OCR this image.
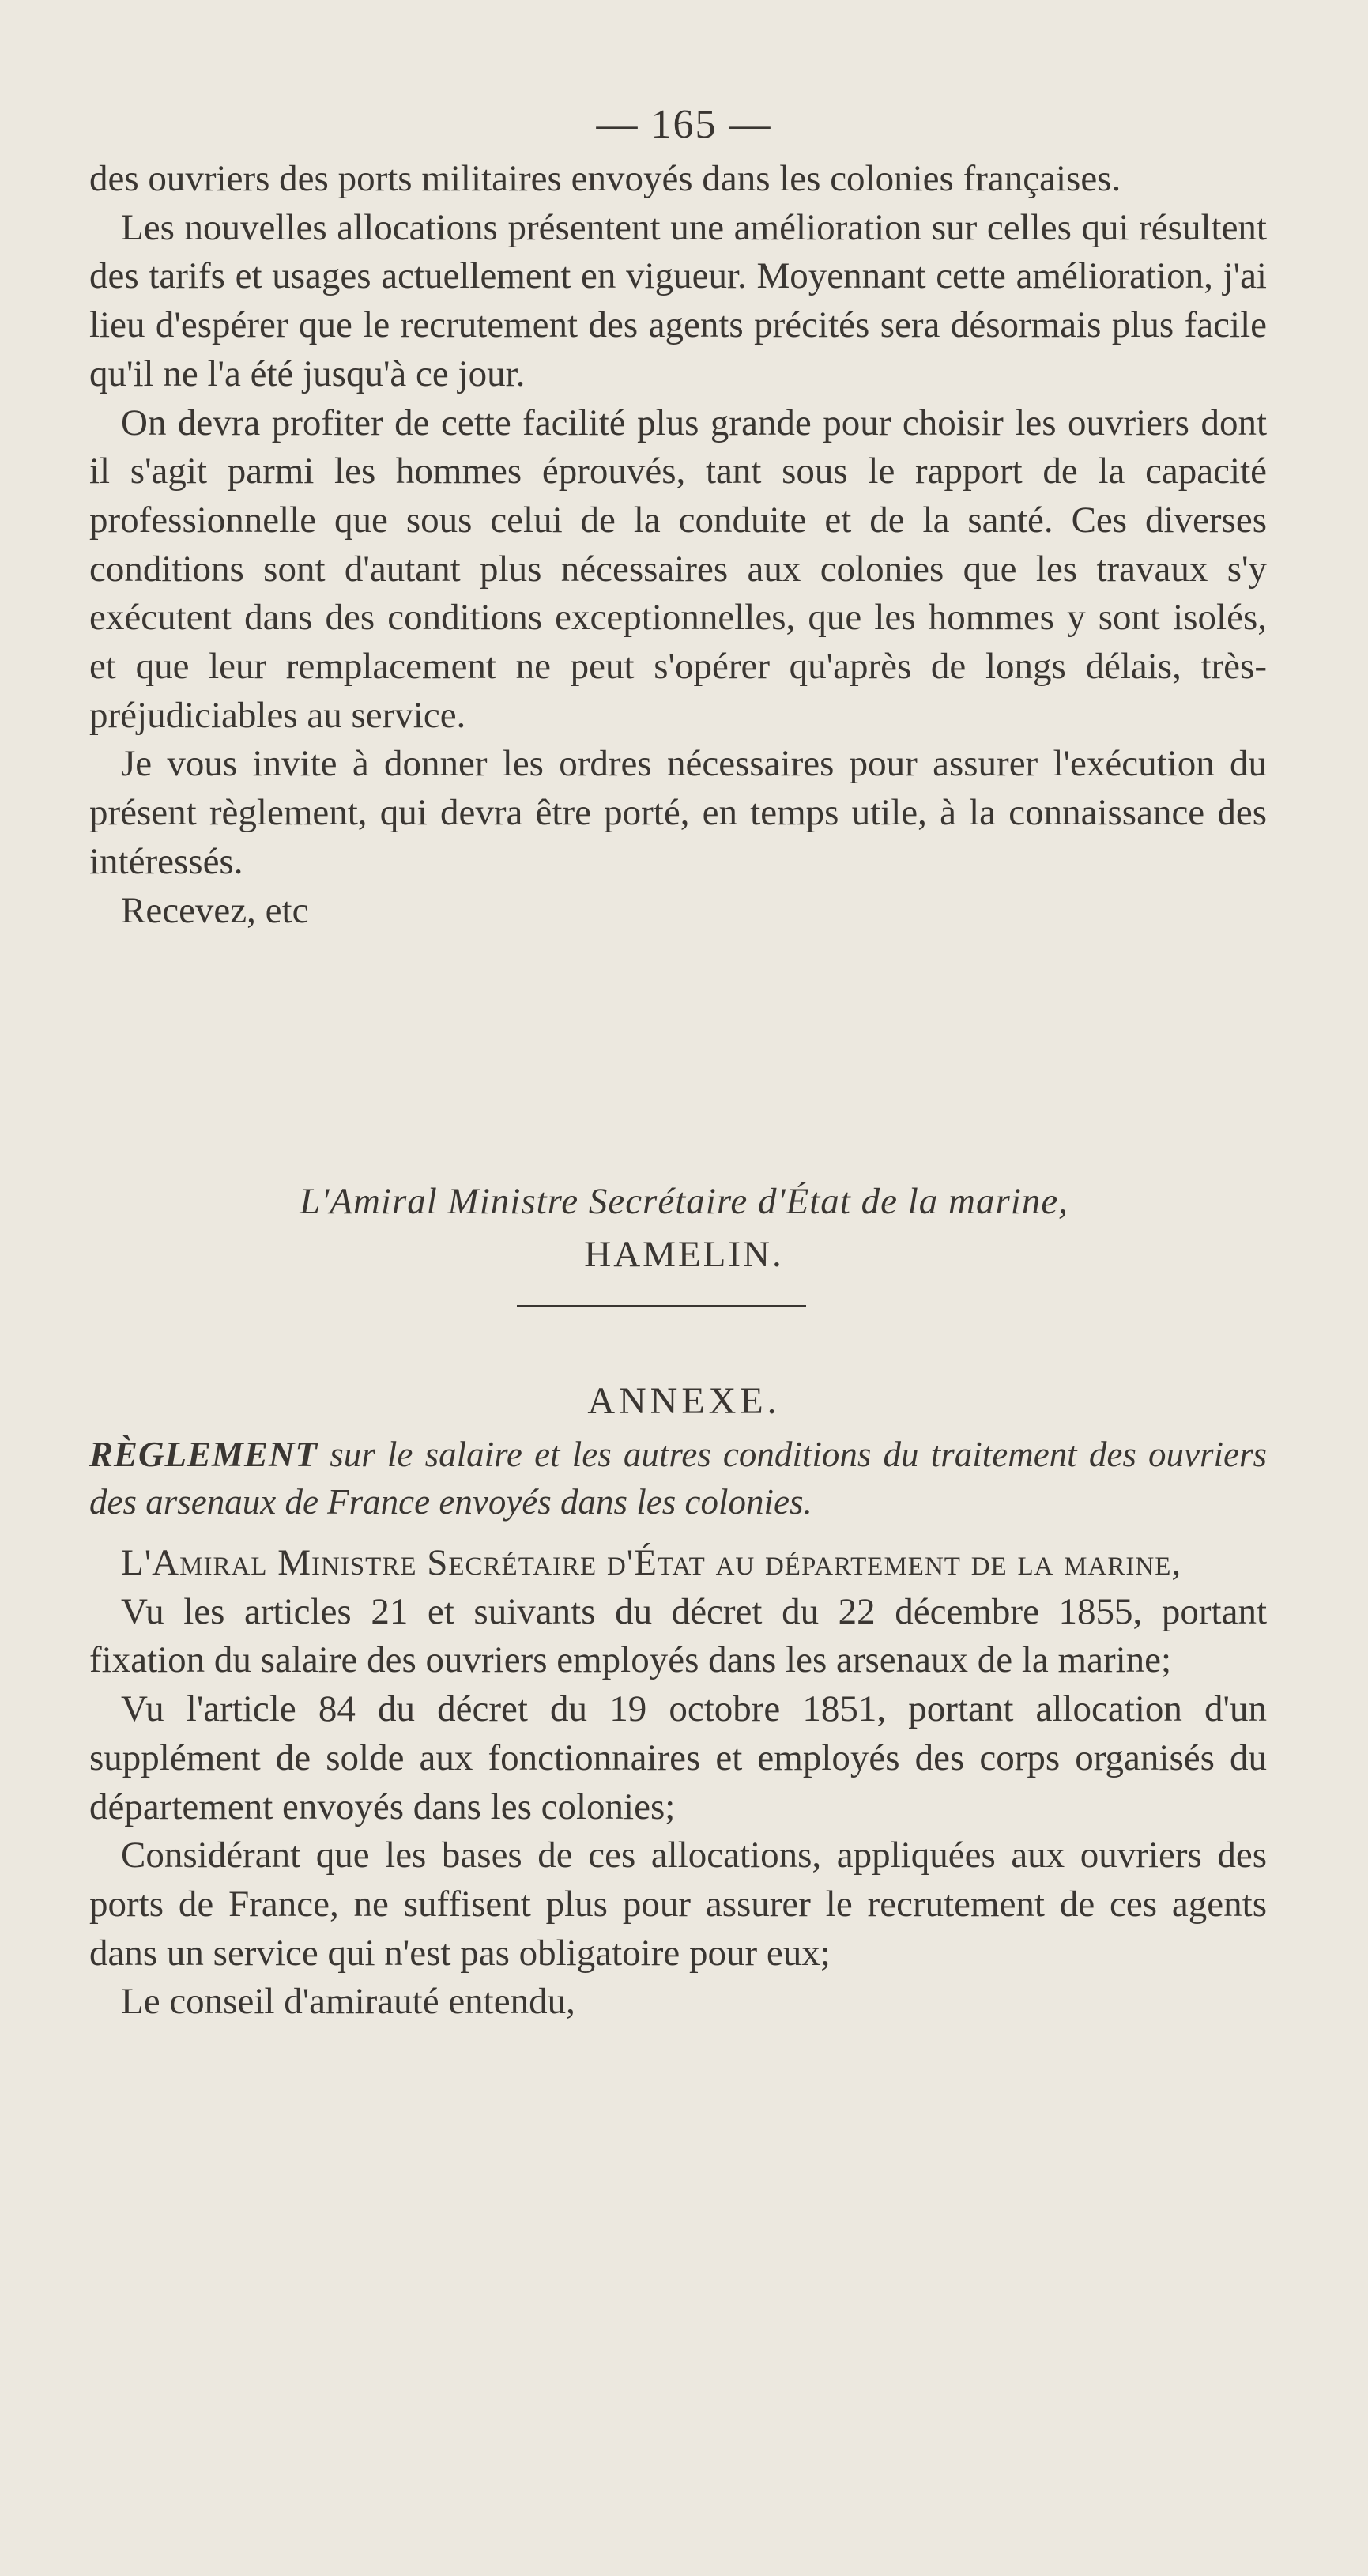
— 165 —

des ouvriers des ports militaires envoyés dans les colonies françaises.

Les nouvelles allocations présentent une amélioration sur celles qui résultent des tarifs et usages actuellement en vigueur. Moyennant cette amélioration, j'ai lieu d'espérer que le recrutement des agents précités sera désormais plus facile qu'il ne l'a été jusqu'à ce jour.

On devra profiter de cette facilité plus grande pour choisir les ouvriers dont il s'agit parmi les hommes éprouvés, tant sous le rapport de la capacité professionnelle que sous celui de la conduite et de la santé. Ces diverses conditions sont d'autant plus nécessaires aux colonies que les travaux s'y exécutent dans des conditions exceptionnelles, que les hommes y sont isolés, et que leur remplacement ne peut s'opérer qu'après de longs délais, très-préjudiciables au service.

Je vous invite à donner les ordres nécessaires pour assurer l'exécution du présent règlement, qui devra être porté, en temps utile, à la connaissance des intéressés.

Recevez, etc

L'Amiral Ministre Secrétaire d'État de la marine,
HAMELIN.
ANNEXE.
RÈGLEMENT sur le salaire et les autres conditions du traitement des ouvriers des arsenaux de France envoyés dans les colonies.

L'Amiral Ministre Secrétaire d'État au département de la marine,

Vu les articles 21 et suivants du décret du 22 décembre 1855, portant fixation du salaire des ouvriers employés dans les arsenaux de la marine;

Vu l'article 84 du décret du 19 octobre 1851, portant allocation d'un supplément de solde aux fonctionnaires et employés des corps organisés du département envoyés dans les colonies;

Considérant que les bases de ces allocations, appliquées aux ouvriers des ports de France, ne suffisent plus pour assurer le recrutement de ces agents dans un service qui n'est pas obligatoire pour eux;

Le conseil d'amirauté entendu,
